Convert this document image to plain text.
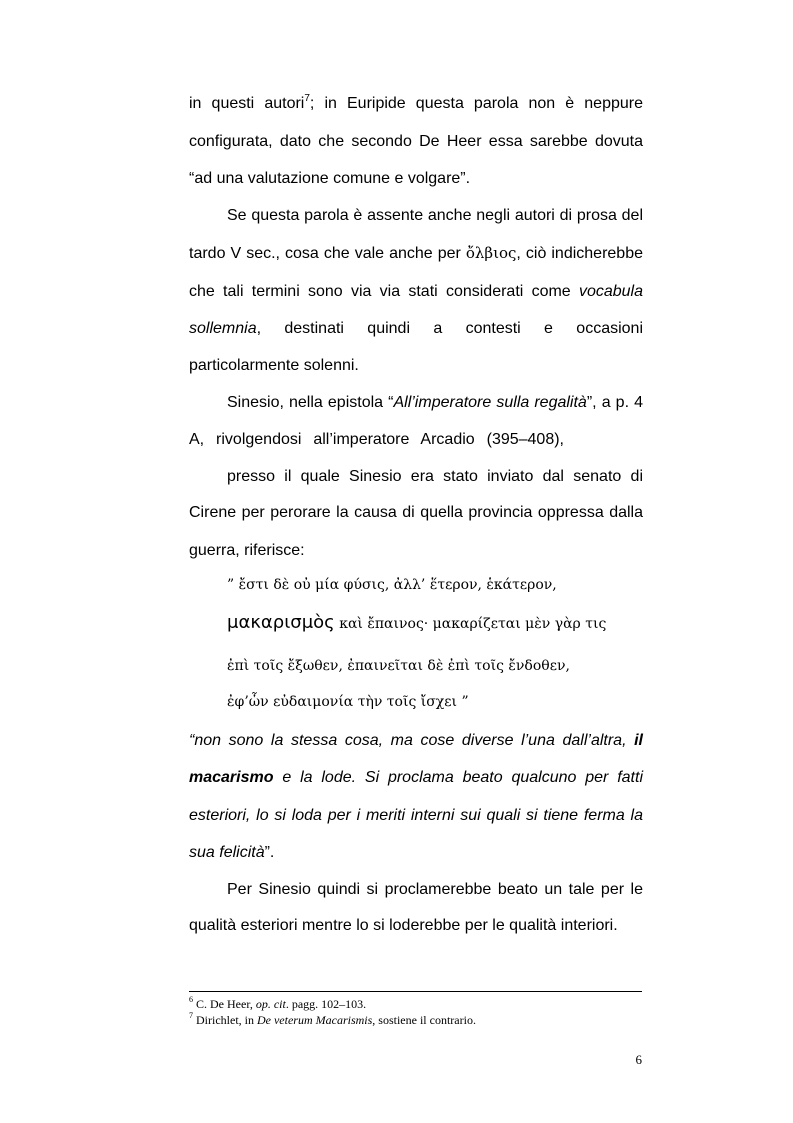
in questi autori$^7$; in Euripide questa parola non è neppure
configurata, dato che secondo De Heer essa sarebbe dovuta
“ad una valutazione comune e volgare”.
Se questa parola è assente anche negli autori di prosa del
tardo V sec., cosa che vale anche per ὄλβιος, ciò indicherebbe
che tali termini sono via via stati considerati come vocabula
sollemnia, destinati quindi a contesti e occasioni
particolarmente solenni.
Sinesio, nella epistola “All’imperatore sulla regalità”, a p. 4
A, rivolgendosi all’imperatore Arcadio (395–408),
presso il quale Sinesio era stato inviato dal senato di
Cirene per perorare la causa di quella provincia oppressa dalla
guerra, riferisce:
” ἔστι δὲ οὐ μία φύσις, ἀλλ’ ἕτερον, ἑκάτερον,
μακαρισμὸς καὶ ἔπαινος· μακαρίζεται μὲν γὰρ τις
ἐπὶ τοῖς ἔξωθεν, ἐπαινεῖται δὲ ἐπὶ τοῖς ἔνδοθεν,
ἐφ’ὧν εὐδαιμονία τὴν τοῖς ἴσχει ”
“non sono la stessa cosa, ma cose diverse l’una dall’altra, il
macarismo e la lode. Si proclama beato qualcuno per fatti
esteriori, lo si loda per i meriti interni sui quali si tiene ferma la
sua felicità”.
Per Sinesio quindi si proclamerebbe beato un tale per le
qualità esteriori mentre lo si loderebbe per le qualità interiori.
$^6$ C. De Heer, op. cit. pagg. 102–103.
$^7$ Dirichlet, in De veterum Macarismis, sostiene il contrario.
6
